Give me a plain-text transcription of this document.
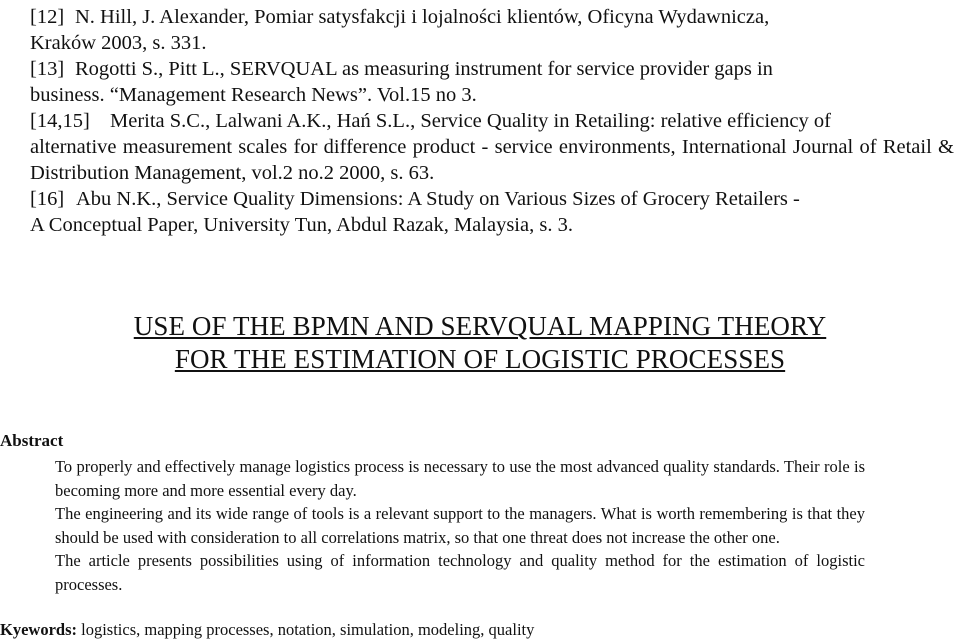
[12] N. Hill, J. Alexander, Pomiar satysfakcji i lojalności klientów, Oficyna Wydawnicza,
Kraków 2003, s. 331.

[13] Rogotti S., Pitt L., SERVQUAL as measuring instrument for service provider gaps in
business. “Management Research News”. Vol.15 no 3.

[14,15] Merita S.C., Lalwani A.K., Hań S.L., Service Quality in Retailing: relative efficiency of
alternative measurement scales for difference product - service environments, International Journal of Retail & Distribution Management, vol.2 no.2 2000, s. 63.

[16] Abu N.K., Service Quality Dimensions: A Study on Various Sizes of Grocery Retailers -
A Conceptual Paper, University Tun, Abdul Razak, Malaysia, s. 3.

USE OF THE BPMN AND SERVQUAL MAPPING THEORY
FOR THE ESTIMATION OF LOGISTIC PROCESSES
Abstract

To properly and effectively manage logistics process is necessary to use the most advanced quality standards. Their role is becoming more and more essential every day.

The engineering and its wide range of tools is a relevant support to the managers. What is worth remembering is that they should be used with consideration to all correlations matrix, so that one threat does not increase the other one.

The article presents possibilities using of information technology and quality method for the estimation of logistic processes.

Kyewords: logistics, mapping processes, notation, simulation, modeling, quality
